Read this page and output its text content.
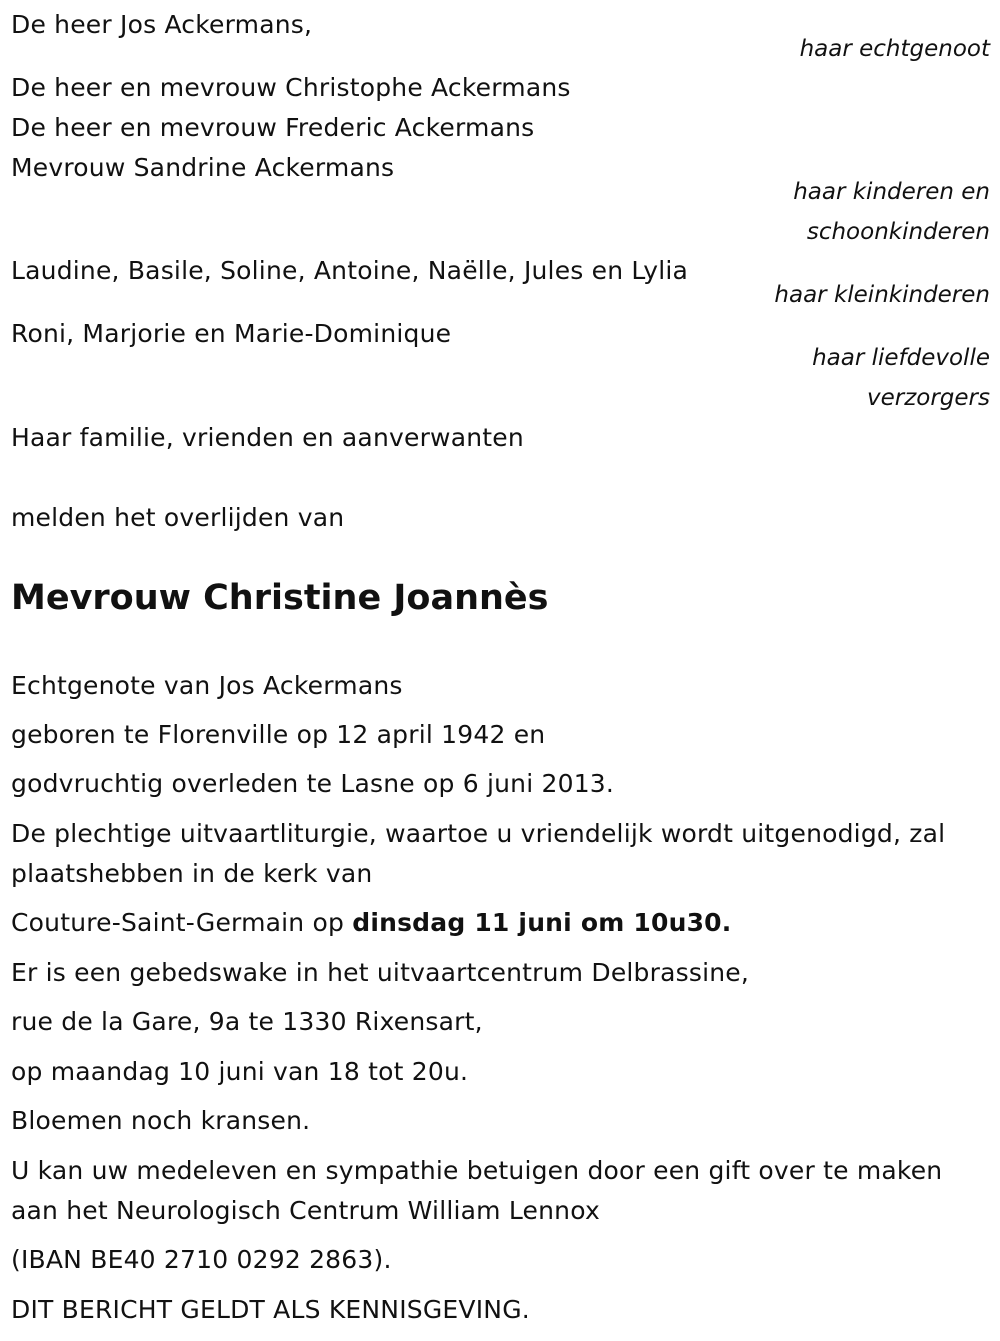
De heer Jos Ackermans,
haar echtgenoot
De heer en mevrouw Christophe Ackermans
De heer en mevrouw Frederic Ackermans
Mevrouw Sandrine Ackermans
haar kinderen en
schoonkinderen
Laudine, Basile, Soline, Antoine, Naëlle, Jules en Lylia
haar kleinkinderen
Roni, Marjorie en Marie-Dominique
haar liefdevolle
verzorgers
Haar familie, vrienden en aanverwanten
melden het overlijden van
Mevrouw Christine Joannès
Echtgenote van Jos Ackermans
geboren te Florenville op 12 april 1942 en
godvruchtig overleden te Lasne op 6 juni 2013.
De plechtige uitvaartliturgie, waartoe u vriendelijk wordt uitgenodigd, zal
plaatshebben in de kerk van
Couture-Saint-Germain op dinsdag 11 juni om 10u30.
Er is een gebedswake in het uitvaartcentrum Delbrassine,
rue de la Gare, 9a te 1330 Rixensart,
op maandag 10 juni van 18 tot 20u.
Bloemen noch kransen.
U kan uw medeleven en sympathie betuigen door een gift over te maken
aan het Neurologisch Centrum William Lennox
(IBAN BE40 2710 0292 2863).
DIT BERICHT GELDT ALS KENNISGEVING.
